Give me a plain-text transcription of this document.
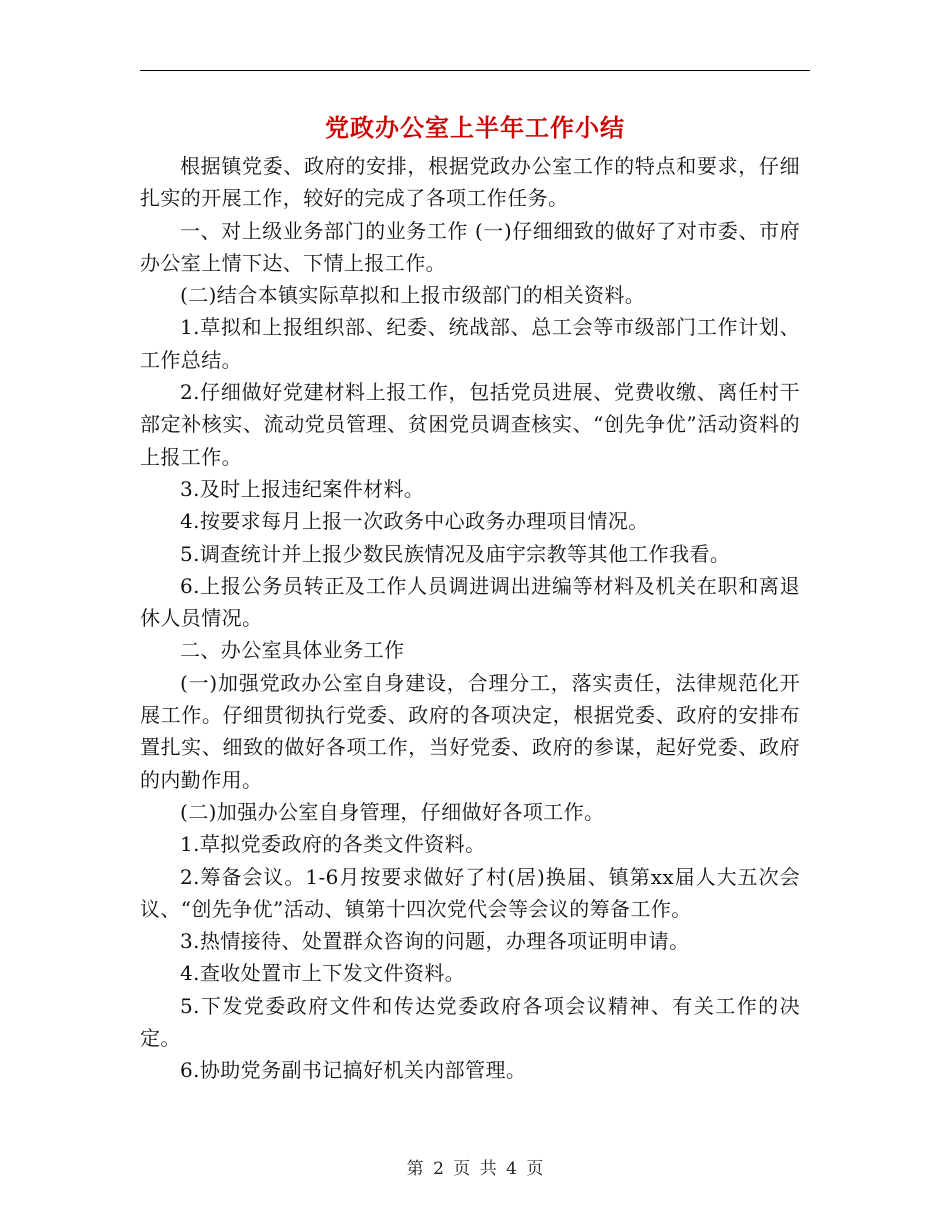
党政办公室上半年工作小结

根据镇党委、政府的安排，根据党政办公室工作的特点和要求，仔细扎实的开展工作，较好的完成了各项工作任务。

一、对上级业务部门的业务工作 (一)仔细细致的做好了对市委、市府办公室上情下达、下情上报工作。

(二)结合本镇实际草拟和上报市级部门的相关资料。

1.草拟和上报组织部、纪委、统战部、总工会等市级部门工作计划、工作总结。

2.仔细做好党建材料上报工作，包括党员进展、党费收缴、离任村干部定补核实、流动党员管理、贫困党员调查核实、“创先争优”活动资料的上报工作。

3.及时上报违纪案件材料。

4.按要求每月上报一次政务中心政务办理项目情况。

5.调查统计并上报少数民族情况及庙宇宗教等其他工作我看。

6.上报公务员转正及工作人员调进调出进编等材料及机关在职和离退休人员情况。

二、办公室具体业务工作

(一)加强党政办公室自身建设，合理分工，落实责任，法律规范化开展工作。仔细贯彻执行党委、政府的各项决定，根据党委、政府的安排布置扎实、细致的做好各项工作，当好党委、政府的参谋，起好党委、政府的内勤作用。

(二)加强办公室自身管理，仔细做好各项工作。

1.草拟党委政府的各类文件资料。

2.筹备会议。1-6月按要求做好了村(居)换届、镇第xx届人大五次会议、“创先争优”活动、镇第十四次党代会等会议的筹备工作。

3.热情接待、处置群众咨询的问题，办理各项证明申请。

4.查收处置市上下发文件资料。

5.下发党委政府文件和传达党委政府各项会议精神、有关工作的决定。

6.协助党务副书记搞好机关内部管理。

第 2 页 共 4 页
